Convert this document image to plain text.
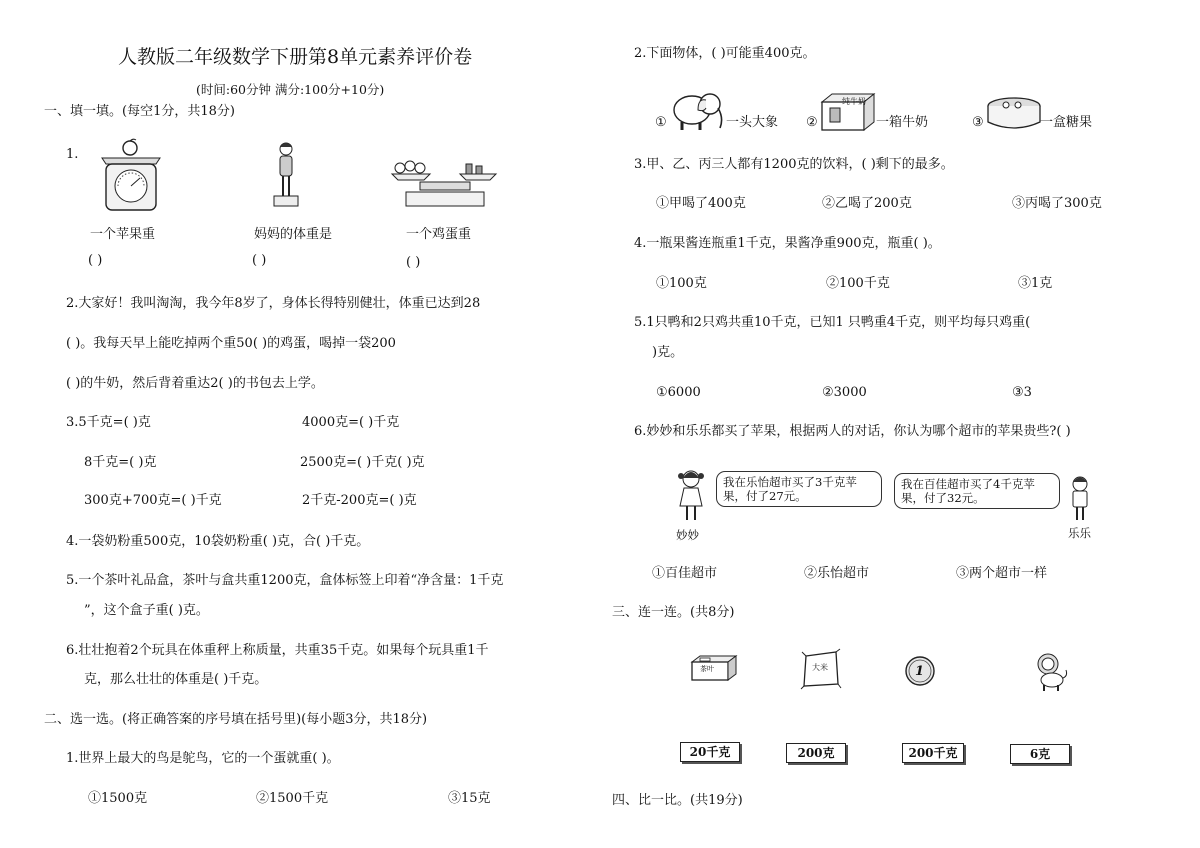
人教版二年级数学下册第8单元素养评价卷
(时间:60分钟 满分:100分+10分)
一、填一填。(每空1分，共18分)
1.
一个苹果重	妈妈的体重是	一个鸡蛋重
( )	( )	( )
2.大家好！我叫淘淘，我今年8岁了，身体长得特别健壮，体重已达到28
( )。我每天早上能吃掉两个重50( )的鸡蛋，喝掉一袋200
( )的牛奶，然后背着重达2( )的书包去上学。
3.5千克=( )克	4000克=( )千克
8千克=( )克	2500克=( )千克( )克
300克+700克=( )千克	2千克-200克=( )克
4.一袋奶粉重500克，10袋奶粉重( )克，合( )千克。
5.一个茶叶礼品盒，茶叶与盒共重1200克，盒体标签上印着“净含量：1千克
”，这个盒子重( )克。
6.壮壮抱着2个玩具在体重秤上称质量，共重35千克。如果每个玩具重1千
克，那么壮壮的体重是( )千克。
二、选一选。(将正确答案的序号填在括号里)(每小题3分，共18分)
1.世界上最大的鸟是鸵鸟，它的一个蛋就重( )。
①1500克	②1500千克	③15克
2.下面物体，( )可能重400克。
①	一头大象 ②
纯牛奶
一箱牛奶	③	一盒糖果
3.甲、乙、丙三人都有1200克的饮料，( )剩下的最多。
①甲喝了400克	②乙喝了200克	③丙喝了300克
4.一瓶果酱连瓶重1千克，果酱净重900克，瓶重( )。
①100克	②100千克	③1克
5.1只鸭和2只鸡共重10千克，已知1 只鸭重4千克，则平均每只鸡重(
)克。
①6000	②3000	③3
6.妙妙和乐乐都买了苹果，根据两人的对话，你认为哪个超市的苹果贵些?( )
我在乐怡超市买了3千克苹果，付了27元。
我在百佳超市买了4千克苹果，付了32元。
妙妙	乐乐
①百佳超市	②乐怡超市	③两个超市一样
三、连一连。(共8分)
茶叶	大米	1
20千克	200克	200千克	6克
四、比一比。(共19分)
